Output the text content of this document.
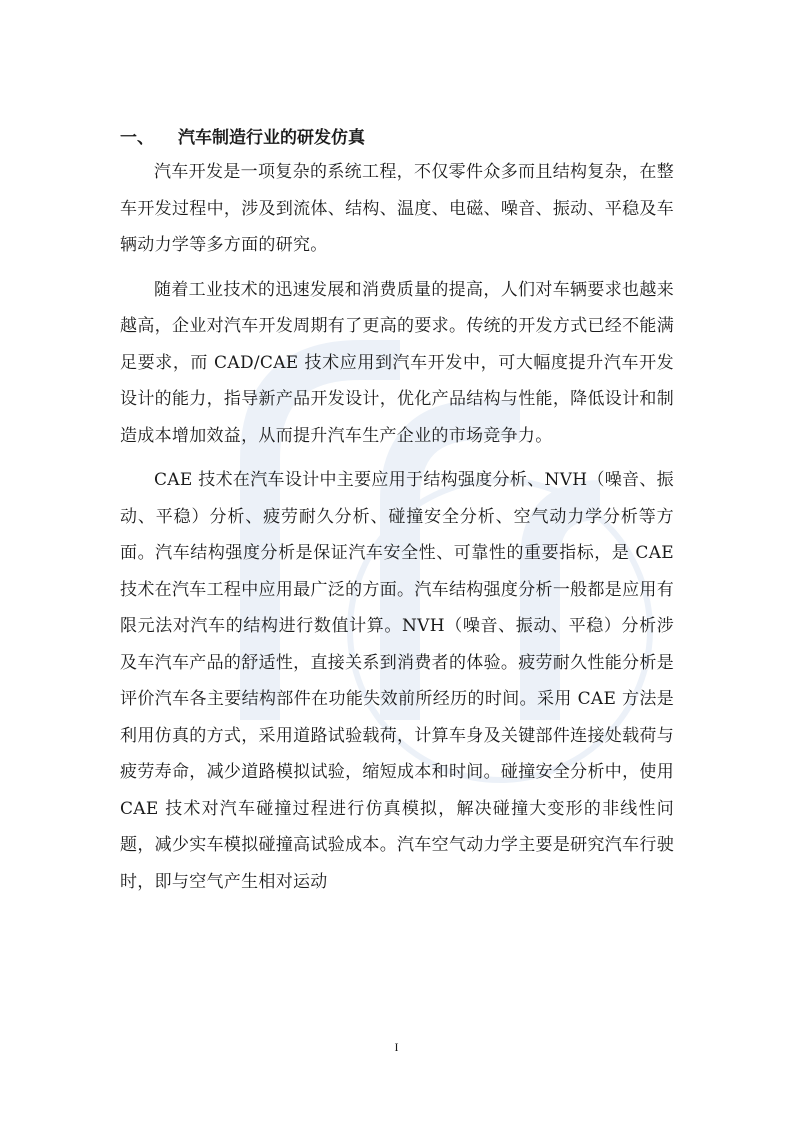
一、	汽车制造行业的研发仿真

汽车开发是一项复杂的系统工程，不仅零件众多而且结构复杂，在整车开发过程中，涉及到流体、结构、温度、电磁、噪音、振动、平稳及车辆动力学等多方面的研究。

随着工业技术的迅速发展和消费质量的提高，人们对车辆要求也越来越高，企业对汽车开发周期有了更高的要求。传统的开发方式已经不能满足要求，而 CAD/CAE 技术应用到汽车开发中，可大幅度提升汽车开发设计的能力，指导新产品开发设计，优化产品结构与性能，降低设计和制造成本增加效益，从而提升汽车生产企业的市场竞争力。

CAE 技术在汽车设计中主要应用于结构强度分析、NVH（噪音、振动、平稳）分析、疲劳耐久分析、碰撞安全分析、空气动力学分析等方面。汽车结构强度分析是保证汽车安全性、可靠性的重要指标，是 CAE 技术在汽车工程中应用最广泛的方面。汽车结构强度分析一般都是应用有限元法对汽车的结构进行数值计算。NVH（噪音、振动、平稳）分析涉及车汽车产品的舒适性，直接关系到消费者的体验。疲劳耐久性能分析是评价汽车各主要结构部件在功能失效前所经历的时间。采用 CAE 方法是利用仿真的方式，采用道路试验载荷，计算车身及关键部件连接处载荷与疲劳寿命，减少道路模拟试验，缩短成本和时间。碰撞安全分析中，使用 CAE 技术对汽车碰撞过程进行仿真模拟，解决碰撞大变形的非线性问题，减少实车模拟碰撞高试验成本。汽车空气动力学主要是研究汽车行驶时，即与空气产生相对运动

I
